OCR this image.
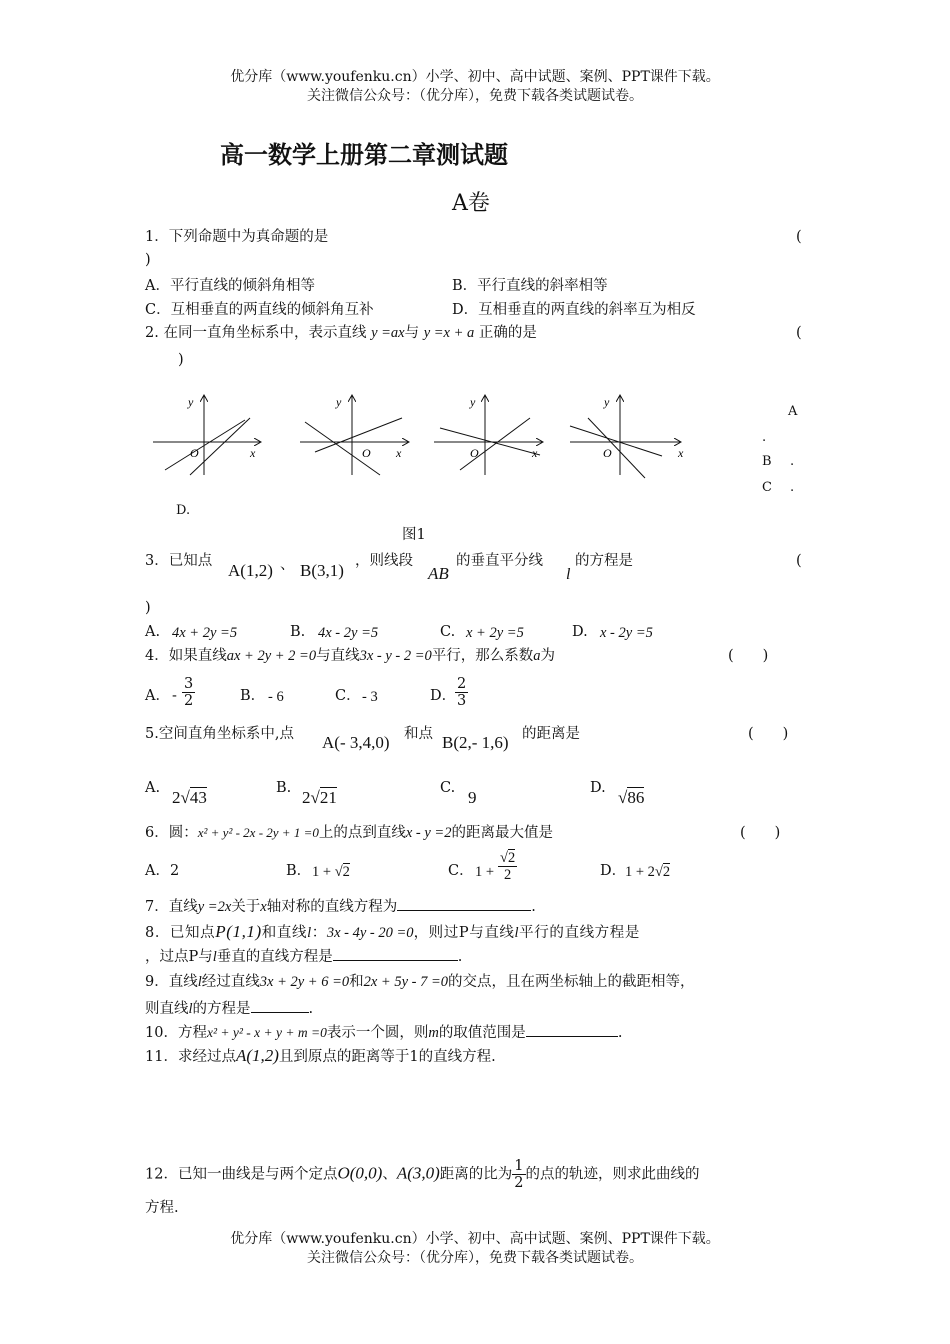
优分库（www.youfenku.cn）小学、初中、高中试题、案例、PPT课件下载。
关注微信公众号：（优分库），免费下载各类试题试卷。
高一数学上册第二章测试题
A卷
1．下列命题中为真命题的是	(
)
A．平行直线的倾斜角相等	B．平行直线的斜率相等
C．互相垂直的两直线的倾斜角互补	D．互相垂直的两直线的斜率互为相反
2. 在同一直角坐标系中，表示直线 y =ax与 y =x + a 正确的是	(
)
y
O	x
y
O x
y
O	x
y
O	x
A
.
B .
C .
D.
图1
3．已知点 A(1,2) 、 B(3,1) ，则线段
AB
的垂直平分线
l
的方程是	(
)
A. 4x + 2y =5	B. 4x - 2y =5	C. x + 2y =5	D. x - 2y =5
4．如果直线ax + 2y + 2 =0与直线3x - y - 2 =0平行，那么系数a为	(　　)
A． - $\frac{3}{2}$	B． - 6	C． - 3	D．
$\frac{2}{3}$
5.空间直角坐标系中,点 A(- 3,4,0) 和点 B(2,- 1,6) 的距离是	(　　)
A. 2√43	B. 2√21	C. 9	D. √86
6．圆：x² + y² - 2x - 2y + 1 =0上的点到直线x - y =2的距离最大值是	(　　)
A．2	B． 1 + √2	C． $1 + \frac{√2}{2}$	D．
1 + 2√2
7．直线y =2x关于x轴对称的直线方程为	.
8．已知点P(1,1)和直线l：3x - 4y - 20 =0，则过P与直线l平行的直线方程是
，过点P与l垂直的直线方程是	.
9．直线l经过直线3x + 2y + 6 =0和2x + 5y - 7 =0的交点，且在两坐标轴上的截距相等，
则直线l的方程是	.
10．方程x² + y² - x + y + m =0表示一个圆，则m的取值范围是	.
11．求经过点A(1,2)且到原点的距离等于1的直线方程.
12．已知一曲线是与两个定点O(0,0)、A(3,0)距离的比为 $\frac{1}{2}$ 的点的轨迹，则求此曲线的
方程.
优分库（www.youfenku.cn）小学、初中、高中试题、案例、PPT课件下载。
关注微信公众号：（优分库），免费下载各类试题试卷。
